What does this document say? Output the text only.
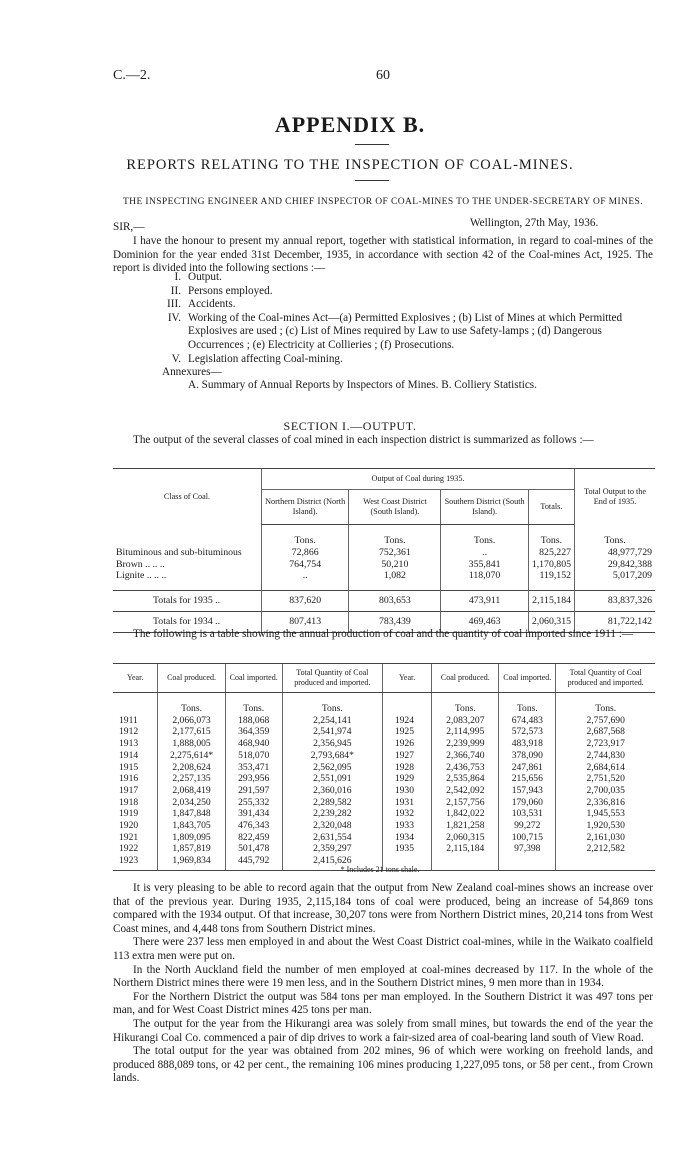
C.—2.	60
APPENDIX B.
REPORTS RELATING TO THE INSPECTION OF COAL-MINES.
THE INSPECTING ENGINEER AND CHIEF INSPECTOR OF COAL-MINES TO THE UNDER-SECRETARY OF MINES.
SIR,—	Wellington, 27th May, 1936.
I have the honour to present my annual report, together with statistical information, in regard to coal-mines of the Dominion for the year ended 31st December, 1935, in accordance with section 42 of the Coal-mines Act, 1925. The report is divided into the following sections :—
I. Output.
II. Persons employed.
III. Accidents.
IV. Working of the Coal-mines Act—(a) Permitted Explosives ; (b) List of Mines at which Permitted Explosives are used ; (c) List of Mines required by Law to use Safety-lamps ; (d) Dangerous Occurrences ; (e) Electricity at Collieries ; (f) Prosecutions.
V. Legislation affecting Coal-mining.
Annexures—
A. Summary of Annual Reports by Inspectors of Mines. B. Colliery Statistics.
SECTION I.—OUTPUT.
The output of the several classes of coal mined in each inspection district is summarized as follows :—
Class of Coal.	Output of Coal during 1935.				Total Output to the End of 1935.
	Northern District (North Island).	West Coast District (South Island).	Southern District (South Island).	Totals.	
	Tons.	Tons.	Tons.	Tons.	Tons.
Bituminous and sub-bituminous	72,866	752,361	..	825,227	48,977,729
Brown .. .. ..	764,754	50,210	355,841	1,170,805	29,842,388
Lignite .. .. ..	..	1,082	118,070	119,152	5,017,209
Totals for 1935 ..	837,620	803,653	473,911	2,115,184	83,837,326
Totals for 1934 ..	807,413	783,439	469,463	2,060,315	81,722,142
The following is a table showing the annual production of coal and the quantity of coal imported since 1911 :—
Year.	Coal produced.	Coal imported.	Total Quantity of Coal produced and imported.	Year.	Coal produced.	Coal imported.	Total Quantity of Coal produced and imported.
	Tons.	Tons.	Tons.		Tons.	Tons.	Tons.
1911	2,066,073	188,068	2,254,141	1924	2,083,207	674,483	2,757,690
1912	2,177,615	364,359	2,541,974	1925	2,114,995	572,573	2,687,568
1913	1,888,005	468,940	2,356,945	1926	2,239,999	483,918	2,723,917
1914	2,275,614*	518,070	2,793,684*	1927	2,366,740	378,090	2,744,830
1915	2,208,624	353,471	2,562,095	1928	2,436,753	247,861	2,684,614
1916	2,257,135	293,956	2,551,091	1929	2,535,864	215,656	2,751,520
1917	2,068,419	291,597	2,360,016	1930	2,542,092	157,943	2,700,035
1918	2,034,250	255,332	2,289,582	1931	2,157,756	179,060	2,336,816
1919	1,847,848	391,434	2,239,282	1932	1,842,022	103,531	1,945,553
1920	1,843,705	476,343	2,320,048	1933	1,821,258	99,272	1,920,530
1921	1,809,095	822,459	2,631,554	1934	2,060,315	100,715	2,161,030
1922	1,857,819	501,478	2,359,297	1935	2,115,184	97,398	2,212,582
1923	1,969,834	445,792	2,415,626				
* Includes 21 tons shale.

It is very pleasing to be able to record again that the output from New Zealand coal-mines shows an increase over that of the previous year. During 1935, 2,115,184 tons of coal were produced, being an increase of 54,869 tons compared with the 1934 output. Of that increase, 30,207 tons were from Northern District mines, 20,214 tons from West Coast mines, and 4,448 tons from Southern District mines.

There were 237 less men employed in and about the West Coast District coal-mines, while in the Waikato coalfield 113 extra men were put on.

In the North Auckland field the number of men employed at coal-mines decreased by 117. In the whole of the Northern District mines there were 19 men less, and in the Southern District mines, 9 men more than in 1934.

For the Northern District the output was 584 tons per man employed. In the Southern District it was 497 tons per man, and for West Coast District mines 425 tons per man.

The output for the year from the Hikurangi area was solely from small mines, but towards the end of the year the Hikurangi Coal Co. commenced a pair of dip drives to work a fair-sized area of coal-bearing land south of View Road.

The total output for the year was obtained from 202 mines, 96 of which were working on freehold lands, and produced 888,089 tons, or 42 per cent., the remaining 106 mines producing 1,227,095 tons, or 58 per cent., from Crown lands.
